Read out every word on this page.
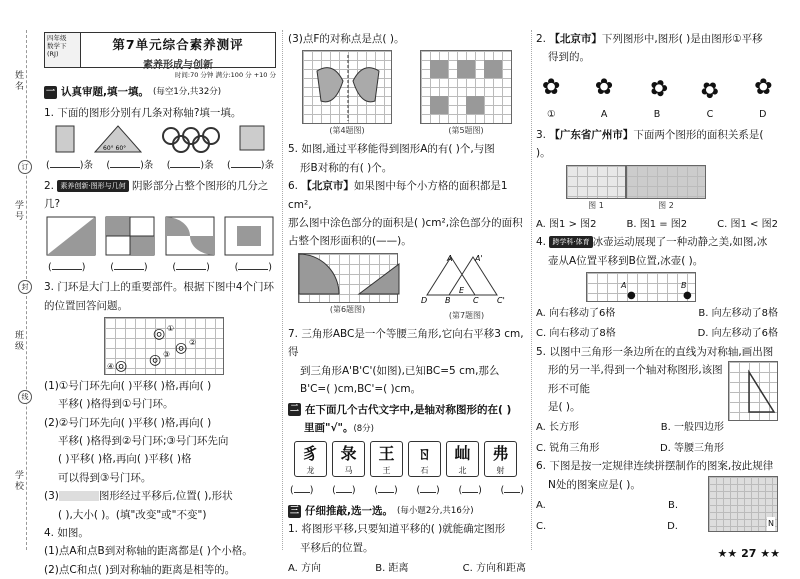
姓名
学号
班级
学校
订
封
线
四年级
数学下
(RJ)
第7单元综合素养测评
素养形成与创新
时间:70 分钟 满分:100 分 +10 分
一 认真审题,填一填。 (每空1分,共32分)
1. 下面的图形分别有几条对称轴?填一填。
60° 60°
(	)条 (	)条 (	)条 (	)条
2. 素养创新·图形与几何 阴影部分占整个图形的几分之几?
(	)	(	)	(	)	(	)
3. 门环是大门上的重要部件。根据下图中4个门环的位置回答问题。
◎ ①
◎ ②
◎ ③
◎
④
(1)①号门环先向( )平移( )格,再向( )
平移( )格得到①号门环。
(2)②号门环先向( )平移( )格,再向( )
平移( )格得到②号门环;③号门环先向
( )平移( )格,再向( )平移( )格
可以得到③号门环。
(3)	图形经过平移后,位置( ),形状
( ),大小( )。(填"改变"或"不变")
4. 如图。
(1)点A和点B到对称轴的距离都是( )个小格。
(2)点C和点( )到对称轴的距离是相等的。
(3)点F的对称点是点( )。
(第4题图)	(第5题图)
5. 如图,通过平移能得到图形A的有( )个,与图
形B对称的有( )个。
6. 【北京市】如果图中每个小方格的面积都是1 cm²,
那么图中涂色部分的面积是( )cm²,涂色部分的面积
占整个图形面积的(——)。
(第6题图)
A	A'
D B
E
C C'
(第7题图)
7. 三角形ABC是一个等腰三角形,它向右平移3 cm,得
到三角形A'B'C'(如图),已知BC=5 cm,那么
B'C=( )cm,BC'=( )cm。
二 在下面几个古代文字中,是轴对称图形的在( )
里画"√"。(8分)
豸
龙
彔
马
王
王
ㄖ
石
屾
北
弗
射
( ) ( ) ( ) ( ) ( ) ( )
三 仔细推敲,选一选。 (每小题2分,共16分)
1. 将图形平移,只要知道平移的( )就能确定图形
平移后的位置。
A. 方向	B. 距离	C. 方向和距离
2. 【北京市】下列图形中,图形( )是由图形①平移
得到的。
✿
①
✿
A
✿
B
✿
C
✿
D
3. 【广东省广州市】下面两个图形的面积关系是( )。
图 1	图 2
A. 图1 > 图2	B. 图1 = 图2	C. 图1 < 图2
4. 跨学科·体育 冰壶运动展现了一种动静之美,如图,冰
壶从A位置平移到B位置,冰壶( )。
A
●
B
●
A. 向右移动了6格	B. 向左移动了8格
C. 向右移动了8格	D. 向左移动了6格
5. 以图中三角形一条边所在的直线为对称轴,画出图
形的另一半,得到一个轴对称图形,该图形不可能
是( )。
A. 长方形	B. 一般四边形
C. 锐角三角形	D. 等腰三角形
6. 下图是按一定规律连续拼摆制作的图案,按此规律
N处的图案应是( )。
A.	B.
C.	D.	N
★★ 27 ★★
